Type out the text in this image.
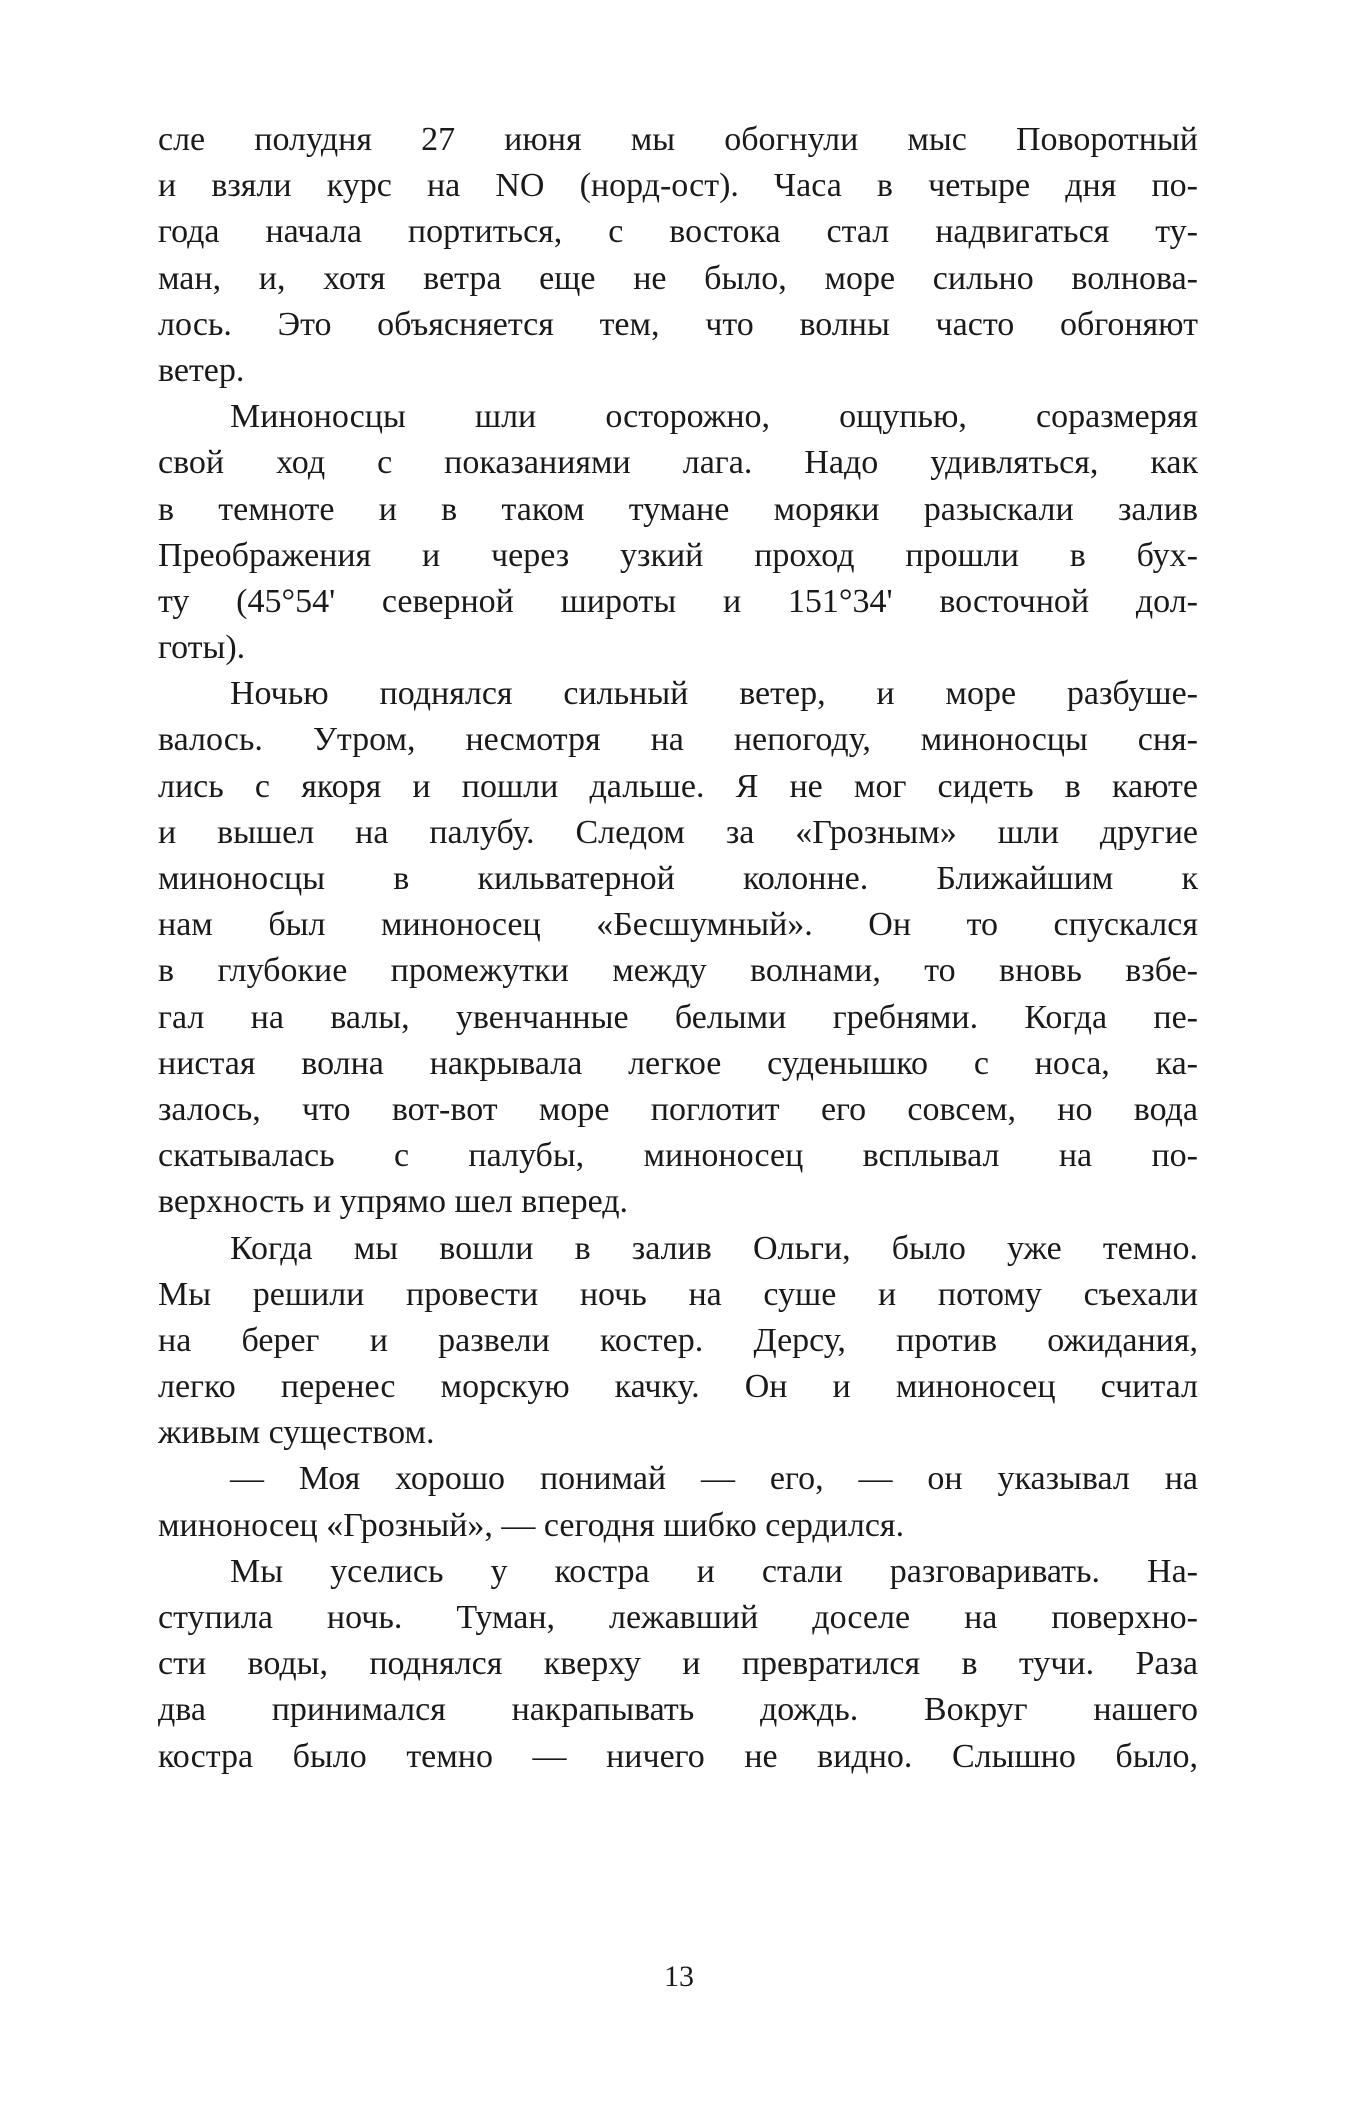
сле полудня 27 июня мы обогнули мыс Поворотный
и взяли курс на NO (норд-ост). Часа в четыре дня по-
года начала портиться, с востока стал надвигаться ту-
ман, и, хотя ветра еще не было, море сильно волнова-
лось. Это объясняется тем, что волны часто обгоняют
ветер.

Миноносцы шли осторожно, ощупью, соразмеряя
свой ход с показаниями лага. Надо удивляться, как
в темноте и в таком тумане моряки разыскали залив
Преображения и через узкий проход прошли в бух-
ту (45°54' северной широты и 151°34' восточной дол-
готы).

Ночью поднялся сильный ветер, и море разбуше-
валось. Утром, несмотря на непогоду, миноносцы сня-
лись с якоря и пошли дальше. Я не мог сидеть в каюте
и вышел на палубу. Следом за «Грозным» шли другие
миноносцы в кильватерной колонне. Ближайшим к
нам был миноносец «Бесшумный». Он то спускался
в глубокие промежутки между волнами, то вновь взбе-
гал на валы, увенчанные белыми гребнями. Когда пе-
нистая волна накрывала легкое суденышко с носа, ка-
залось, что вот-вот море поглотит его совсем, но вода
скатывалась с палубы, миноносец всплывал на по-
верхность и упрямо шел вперед.

Когда мы вошли в залив Ольги, было уже темно.
Мы решили провести ночь на суше и потому съехали
на берег и развели костер. Дерсу, против ожидания,
легко перенес морскую качку. Он и миноносец считал
живым существом.

— Моя хорошо понимай — его, — он указывал на
миноносец «Грозный», — сегодня шибко сердился.

Мы уселись у костра и стали разговаривать. На-
ступила ночь. Туман, лежавший доселе на поверхно-
сти воды, поднялся кверху и превратился в тучи. Раза
два принимался накрапывать дождь. Вокруг нашего
костра было темно — ничего не видно. Слышно было,

13
